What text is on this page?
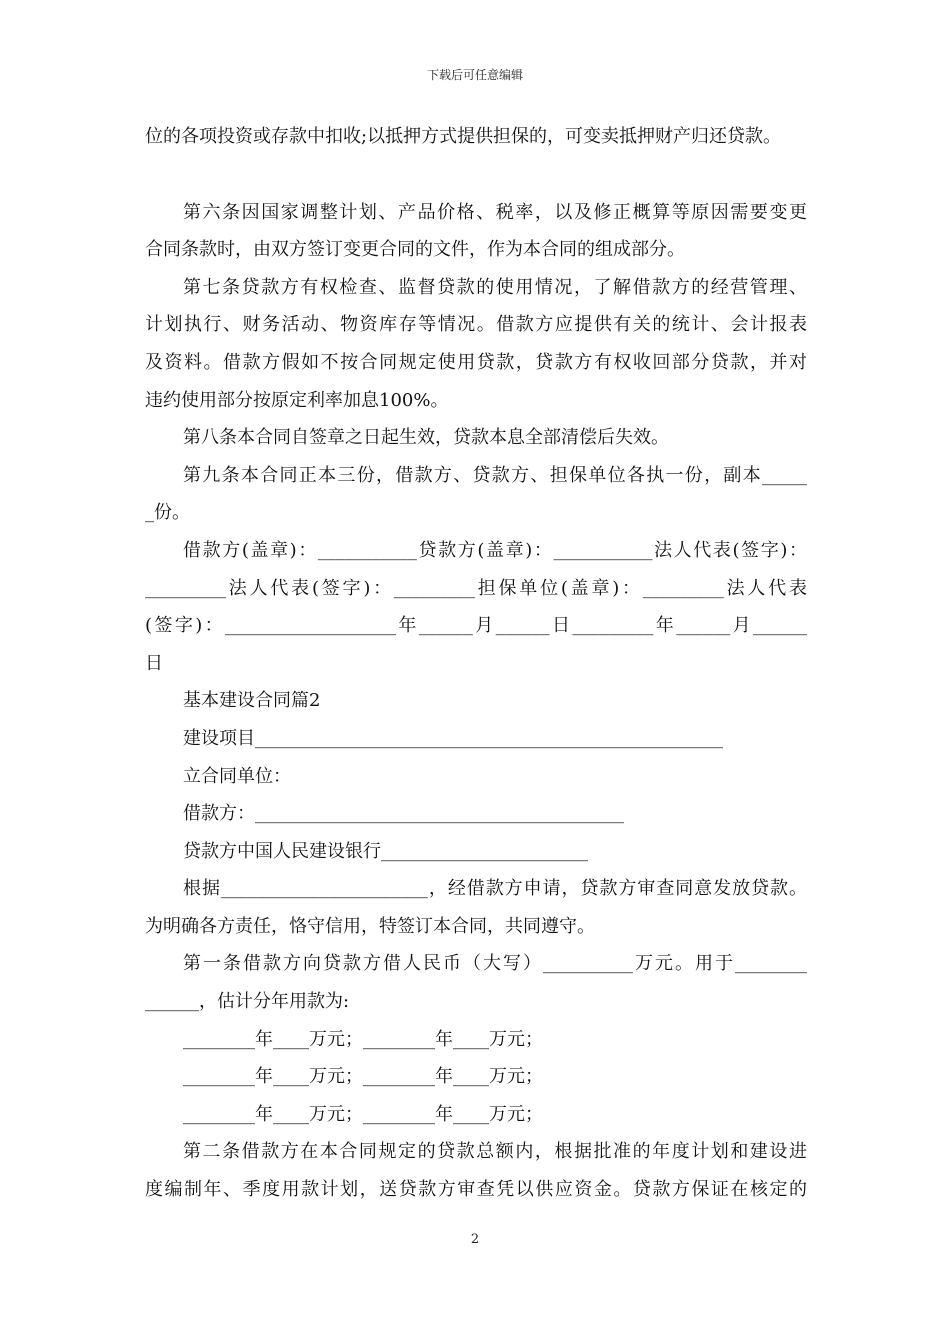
下载后可任意编辑
位的各项投资或存款中扣收;以抵押方式提供担保的，可变卖抵押财产归还贷款。
第六条因国家调整计划、产品价格、税率，以及修正概算等原因需要变更
合同条款时，由双方签订变更合同的文件，作为本合同的组成部分。
第七条贷款方有权检查、监督贷款的使用情况，了解借款方的经营管理、
计划执行、财务活动、物资库存等情况。借款方应提供有关的统计、会计报表
及资料。借款方假如不按合同规定使用贷款，贷款方有权收回部分贷款，并对
违约使用部分按原定利率加息100%。
第八条本合同自签章之日起生效，贷款本息全部清偿后失效。
第九条本合同正本三份，借款方、贷款方、担保单位各执一份，副本_____
_份。
借款方(盖章)：___________贷款方(盖章)：___________法人代表(签字)：
_________法人代表(签字)：_________担保单位(盖章)：_________法人代表
(签字)：___________________年______月______日_________年______月______
日
基本建设合同篇2
建设项目____________________________________________________
立合同单位：
借款方：_________________________________________
贷款方中国人民建设银行_______________________
根据_______________________，经借款方申请，贷款方审查同意发放贷款。
为明确各方责任，恪守信用，特签订本合同，共同遵守。
第一条借款方向贷款方借人民币（大写）__________万元。用于________
______，估计分年用款为:
________年____万元；________年____万元；
________年____万元；________年____万元；
________年____万元；________年____万元；
第二条借款方在本合同规定的贷款总额内，根据批准的年度计划和建设进
度编制年、季度用款计划，送贷款方审查凭以供应资金。贷款方保证在核定的
2
